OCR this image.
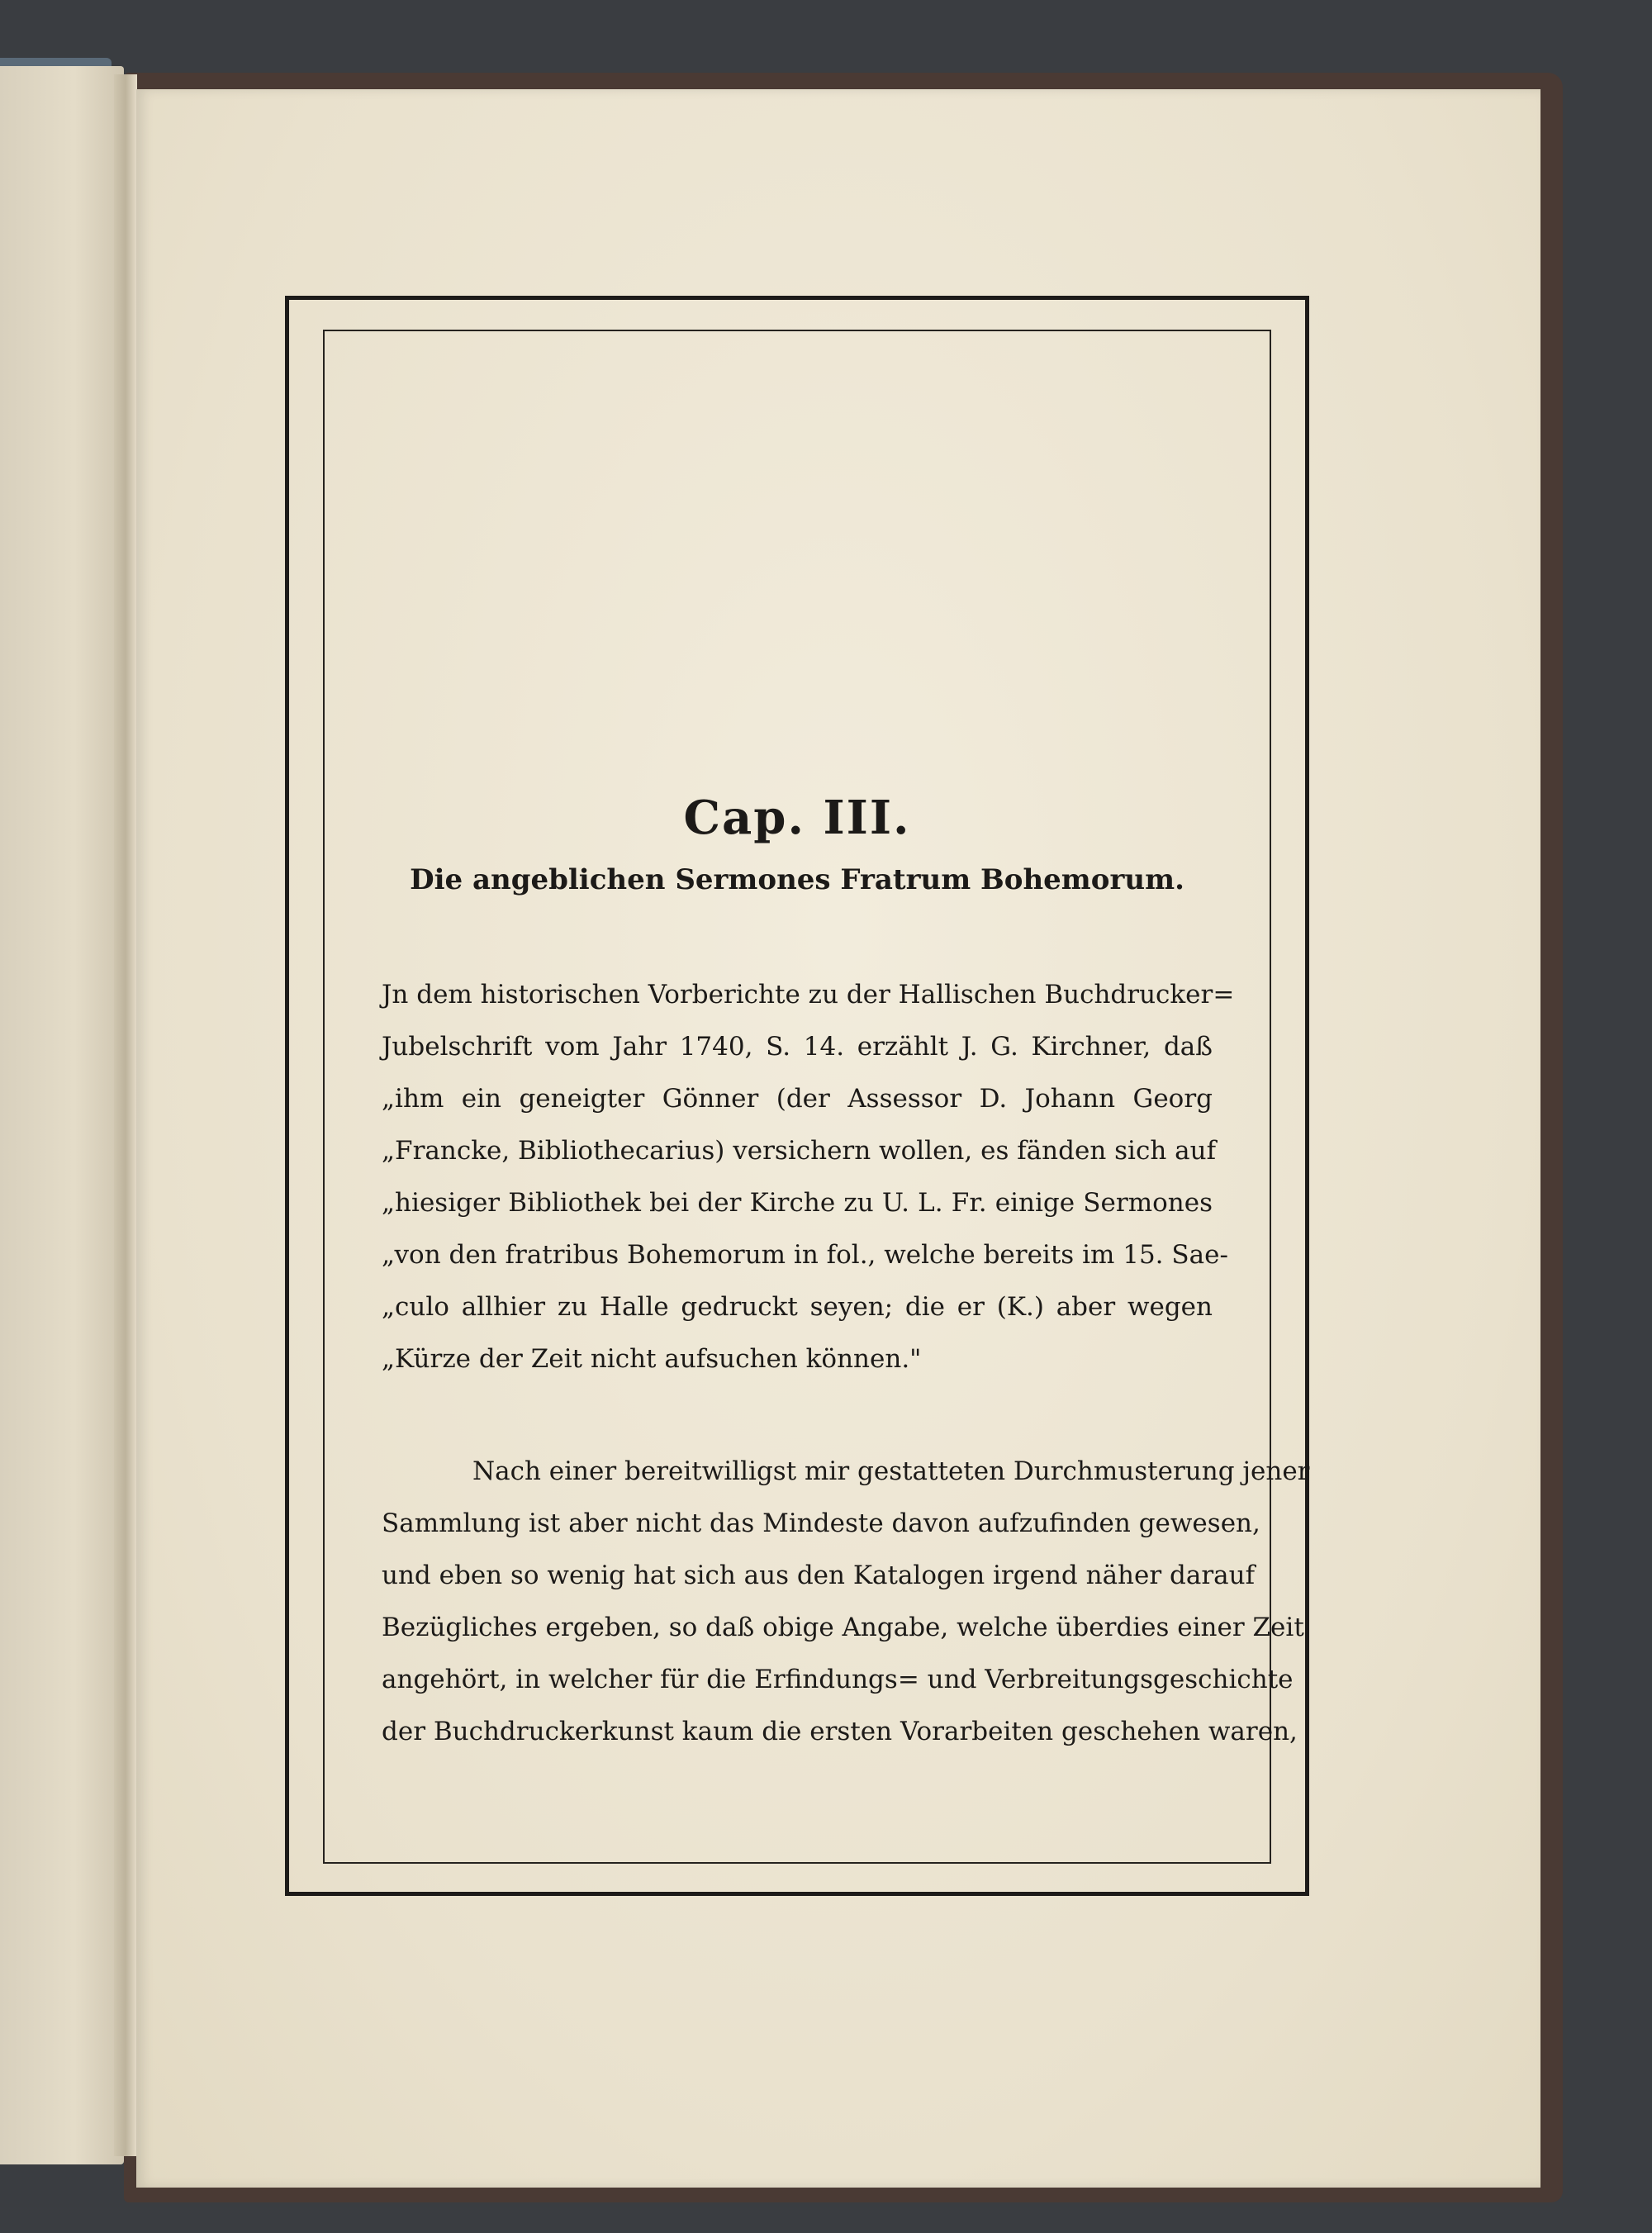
Cap. III.
Die angeblichen Sermones Fratrum Bohemorum.
Jn dem historischen Vorberichte zu der Hallischen Buchdrucker=
Jubelschrift vom Jahr 1740, S. 14. erzählt J. G. Kirchner, daß
„ihm ein geneigter Gönner (der Assessor D. Johann Georg
„Francke, Bibliothecarius) versichern wollen, es fänden sich auf
„hiesiger Bibliothek bei der Kirche zu U. L. Fr. einige Sermones
„von den fratribus Bohemorum in fol., welche bereits im 15. Sae-
„culo allhier zu Halle gedruckt seyen; die er (K.) aber wegen
„Kürze der Zeit nicht aufsuchen können."
Nach einer bereitwilligst mir gestatteten Durchmusterung jener
Sammlung ist aber nicht das Mindeste davon aufzufinden gewesen,
und eben so wenig hat sich aus den Katalogen irgend näher darauf
Bezügliches ergeben, so daß obige Angabe, welche überdies einer Zeit
angehört, in welcher für die Erfindungs= und Verbreitungsgeschichte
der Buchdruckerkunst kaum die ersten Vorarbeiten geschehen waren,
